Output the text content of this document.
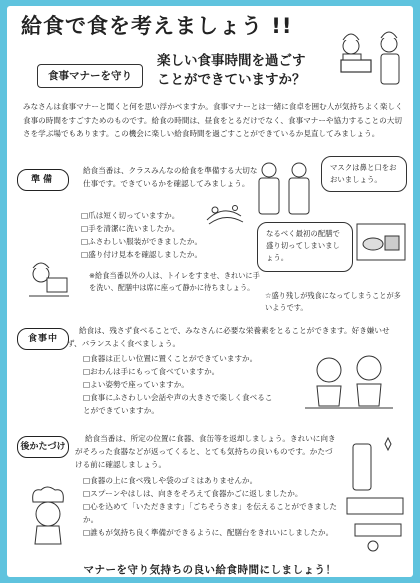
給食で食を考えましょう !!
食事マナーを守り
楽しい食事時間を過ごす
ことができていますか？
みなさんは食事マナーと聞くと何を思い浮かべますか。食事マナーとは一緒に食卓を囲む人が気持ちよく楽しく食事の時間をすごすためのものです。給食の時間は、昼食をとるだけでなく、食事マナーや協力することの大切さを学ぶ場でもあります。この機会に楽しい給食時間を過ごすことができているか見直してみましょう。
準備
給食当番は、クラスみんなの給食を準備する大切な仕事です。できているかを確認してみましょう。
□爪は短く切っていますか。
□手を清潔に洗いましたか。
□ふさわしい服装ができましたか。
□盛り付け見本を確認しましたか。
※給食当番以外の人は、トイレをすませ、きれいに手を洗い、配膳中は席に座って静かに待ちましょう。
マスクは鼻と口をおおいましょう。
なるべく最初の配膳で盛り切ってしまいましょう。
☆盛り残しが残食になってしまうことが多いようです。
食事中
給食は、残さず食べることで、みなさんに必要な栄養素をとることができます。好き嫌いせず、バランスよく食べましょう。
□食器は正しい位置に置くことができていますか。
□おわんは手にもって食べていますか。
□よい姿勢で座っていますか。
□食事にふさわしい会話や声の大きさで楽しく食べることができていますか。
後かたづけ
給食当番は、所定の位置に食器、食缶等を返却しましょう。きれいに向きがそろった食器などが返ってくると、とても気持ちの良いものです。かたづける前に確認しましょう。
□食器の上に食べ残しや袋のゴミはありませんか。
□スプーンやはしは、向きをそろえて食器かごに返しましたか。
□心を込めて「いただきます」「ごちそうさま」を伝えることができましたか。
□誰もが気持ち良く準備ができるように、配膳台をきれいにしましたか。
マナーを守り気持ちの良い給食時間にしましょう！
